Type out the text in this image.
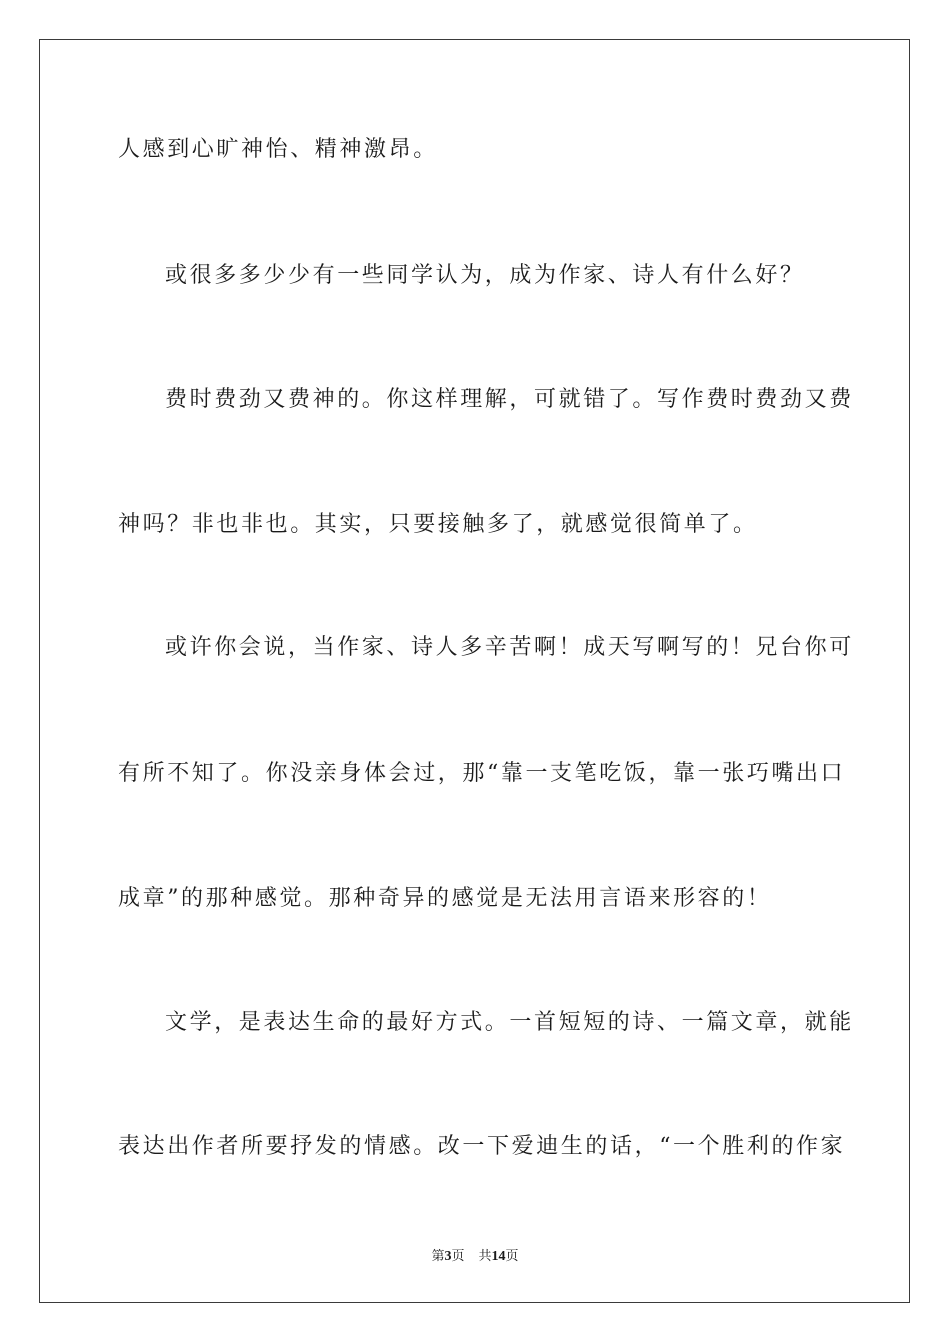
人感到心旷神怡、精神激昂。
或很多多少少有一些同学认为，成为作家、诗人有什么好？
费时费劲又费神的。你这样理解，可就错了。写作费时费劲又费
神吗？非也非也。其实，只要接触多了，就感觉很简单了。
或许你会说，当作家、诗人多辛苦啊！成天写啊写的！兄台你可
有所不知了。你没亲身体会过，那“靠一支笔吃饭，靠一张巧嘴出口
成章”的那种感觉。那种奇异的感觉是无法用言语来形容的！
文学，是表达生命的最好方式。一首短短的诗、一篇文章，就能
表达出作者所要抒发的情感。改一下爱迪生的话，“一个胜利的作家
第3页 共14页
